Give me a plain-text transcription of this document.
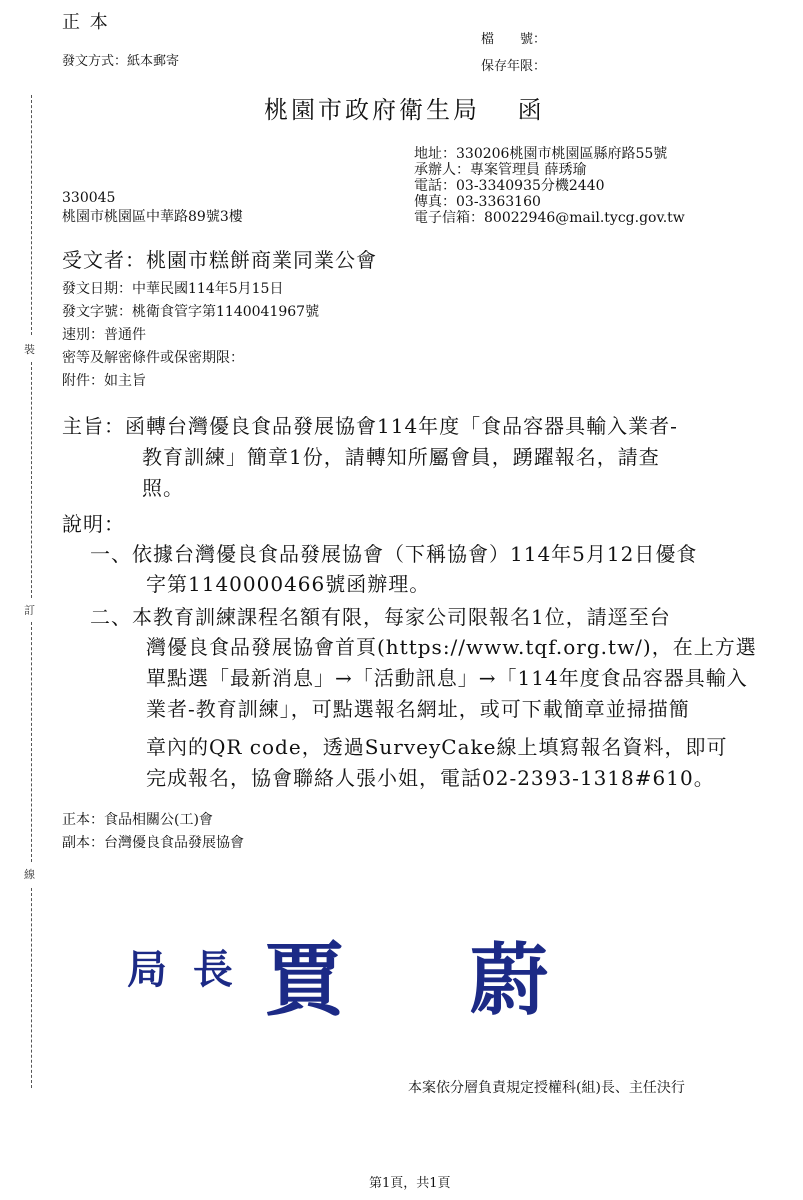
裝
訂
線
正 本
發文方式：紙本郵寄
檔　　號：
保存年限：
桃園市政府衛生局　 函
地址：330206桃園市桃園區縣府路55號
承辦人：專案管理員 薛琇瑜
電話：03-3340935分機2440
傳真：03-3363160
電子信箱：80022946@mail.tycg.gov.tw
330045
桃園市桃園區中華路89號3樓
受文者：桃園市糕餅商業同業公會
發文日期：中華民國114年5月15日
發文字號：桃衛食管字第1140041967號
速別：普通件
密等及解密條件或保密期限：
附件：如主旨
主旨：函轉台灣優良食品發展協會114年度「食品容器具輸入業者-
教育訓練」簡章1份，請轉知所屬會員，踴躍報名，請查
照。
說明：
一、依據台灣優良食品發展協會（下稱協會）114年5月12日優食
字第1140000466號函辦理。
二、本教育訓練課程名額有限，每家公司限報名1位，請逕至台
灣優良食品發展協會首頁(https://www.tqf.org.tw/)，在上方選
單點選「最新消息」→「活動訊息」→「114年度食品容器具輸入
業者-教育訓練」，可點選報名網址，或可下載簡章並掃描簡
章內的QR code，透過SurveyCake線上填寫報名資料，即可
完成報名，協會聯絡人張小姐，電話02-2393-1318#610。
正本：食品相關公(工)會
副本：台灣優良食品發展協會
局 長 賈 蔚
本案依分層負責規定授權科(組)長、主任決行
第1頁，共1頁
